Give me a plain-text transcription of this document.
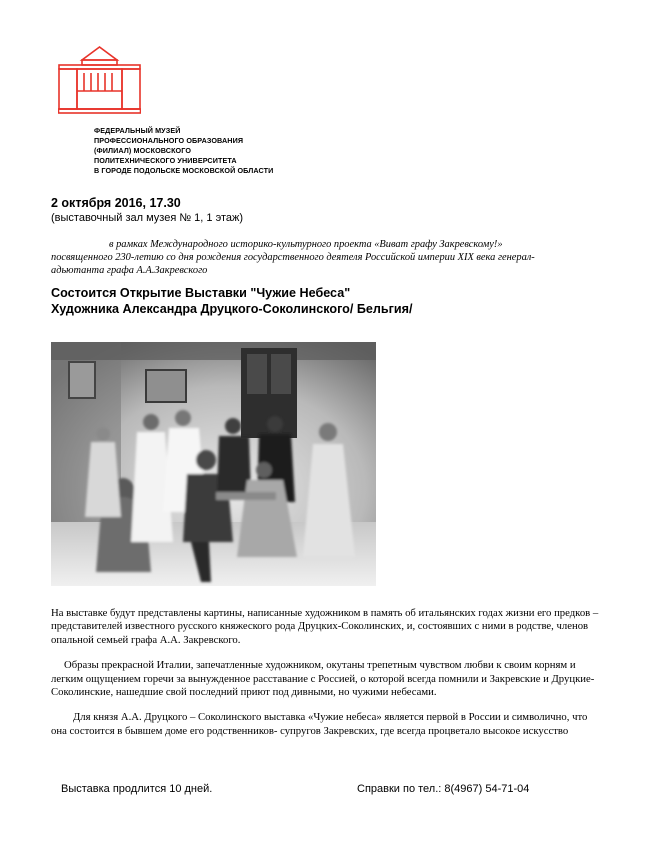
ФЕДЕРАЛЬНЫЙ МУЗЕЙ
ПРОФЕССИОНАЛЬНОГО ОБРАЗОВАНИЯ
(ФИЛИАЛ) МОСКОВСКОГО
ПОЛИТЕХНИЧЕСКОГО УНИВЕРСИТЕТА
В ГОРОДЕ ПОДОЛЬСКЕ МОСКОВСКОЙ ОБЛАСТИ
2 октября 2016, 17.30
(выставочный зал музея № 1, 1 этаж)
в рамках Международного историко-культурного проекта «Виват графу Закревскому!»
посвященного 230-летию со дня рождения государственного деятеля Российской империи XIX века генерал-
адьютанта графа А.А.Закревского
Состоится Открытие Выставки "Чужие Небеса"
Художника Александра Друцкого-Соколинского/ Бельгия/

На выставке будут представлены картины, написанные художником в память об итальянских годах жизни его предков – представителей известного русского княжеского рода Друцких-Соколинских, и, состоявших с ними в родстве, членов опальной семьей графа А.А. Закревского.

Образы прекрасной Италии, запечатленные художником, окутаны трепетным чувством любви к своим корням и легким ощущением горечи за вынужденное расставание с Россией, о которой всегда помнили и Закревские и Друцкие-Соколинские, нашедшие свой последний приют под дивными, но чужими небесами.

Для князя А.А. Друцкого – Соколинского выставка «Чужие небеса» является первой в России и символично, что она состоится в бывшем доме его родственников- супругов Закревских, где всегда процветало высокое искусство

Выставка продлится 10 дней.	Справки по тел.: 8(4967) 54-71-04
